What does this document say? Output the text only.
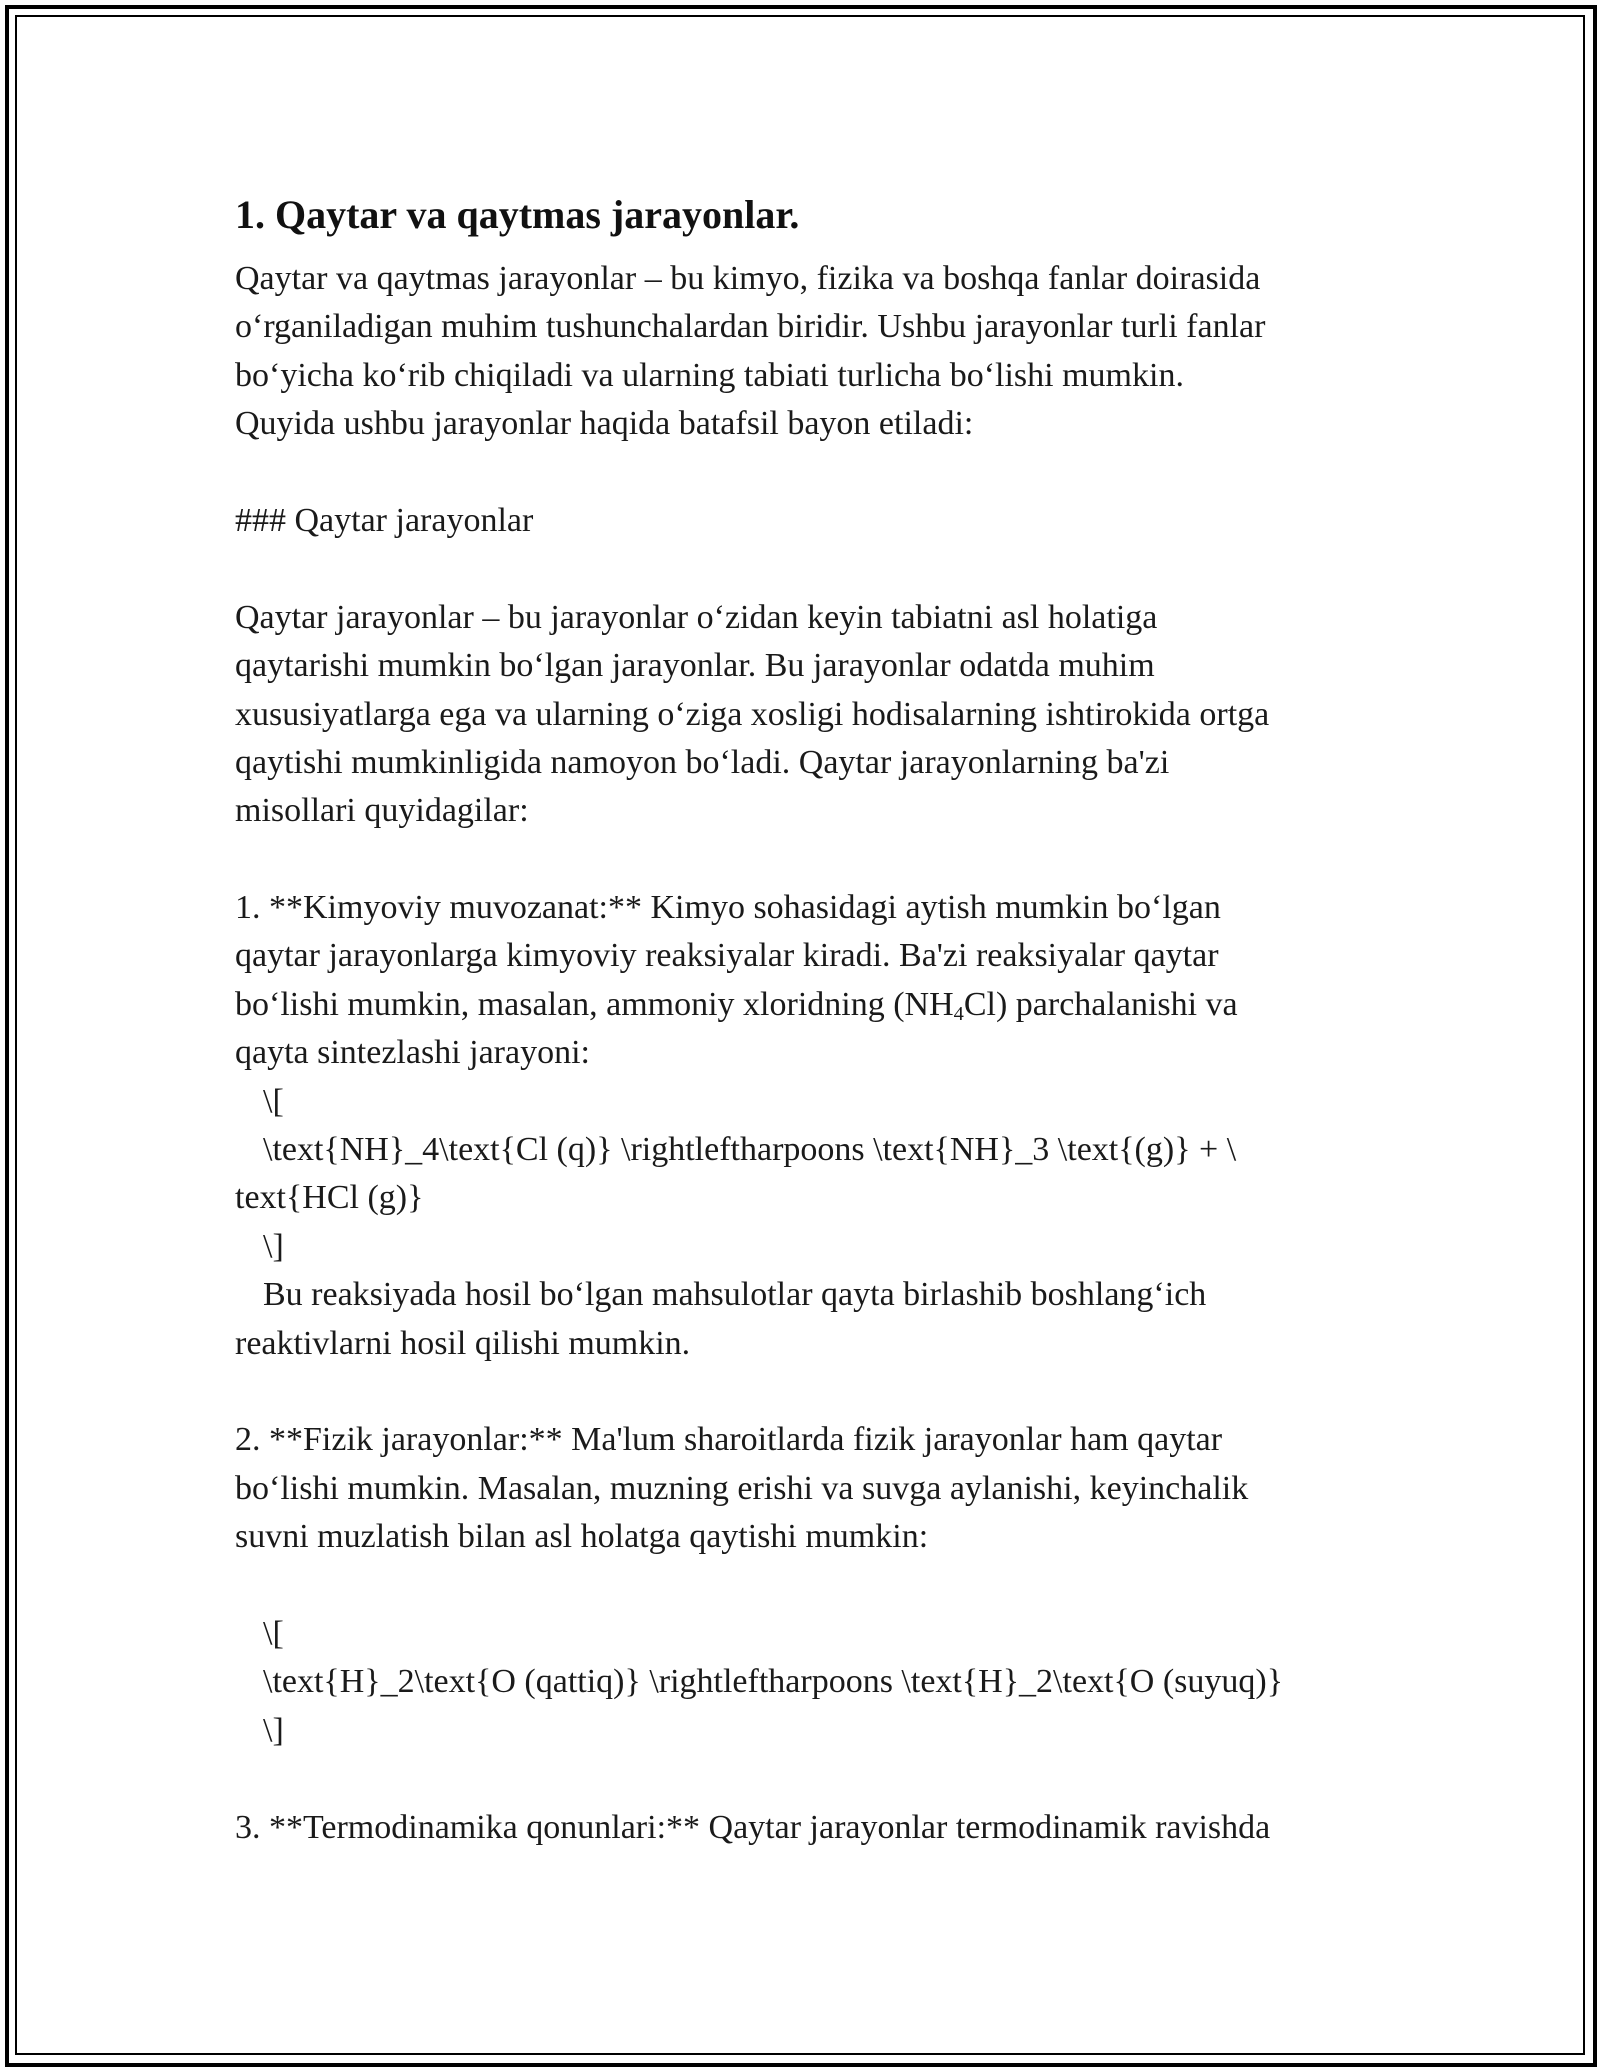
1. Qaytar va qaytmas jarayonlar.
Qaytar va qaytmas jarayonlar – bu kimyo, fizika va boshqa fanlar doirasida
o‘rganiladigan muhim tushunchalardan biridir. Ushbu jarayonlar turli fanlar
bo‘yicha ko‘rib chiqiladi va ularning tabiati turlicha bo‘lishi mumkin.
Quyida ushbu jarayonlar haqida batafsil bayon etiladi:
### Qaytar jarayonlar
Qaytar jarayonlar – bu jarayonlar o‘zidan keyin tabiatni asl holatiga
qaytarishi mumkin bo‘lgan jarayonlar. Bu jarayonlar odatda muhim
xususiyatlarga ega va ularning o‘ziga xosligi hodisalarning ishtirokida ortga
qaytishi mumkinligida namoyon bo‘ladi. Qaytar jarayonlarning ba'zi
misollari quyidagilar:
1. **Kimyoviy muvozanat:** Kimyo sohasidagi aytish mumkin bo‘lgan
qaytar jarayonlarga kimyoviy reaksiyalar kiradi. Ba'zi reaksiyalar qaytar
bo‘lishi mumkin, masalan, ammoniy xloridning $(NH_4Cl)$ parchalanishi va
qayta sintezlashi jarayoni:
\[
\text{NH}_4\text{Cl (q)} \rightleftharpoons \text{NH}_3 \text{(g)} + \
text{HCl (g)}
\]
Bu reaksiyada hosil bo‘lgan mahsulotlar qayta birlashib boshlang‘ich
reaktivlarni hosil qilishi mumkin.
2. **Fizik jarayonlar:** Ma'lum sharoitlarda fizik jarayonlar ham qaytar
bo‘lishi mumkin. Masalan, muzning erishi va suvga aylanishi, keyinchalik
suvni muzlatish bilan asl holatga qaytishi mumkin:
\[
\text{H}_2\text{O (qattiq)} \rightleftharpoons \text{H}_2\text{O (suyuq)}
\]
3. **Termodinamika qonunlari:** Qaytar jarayonlar termodinamik ravishda
